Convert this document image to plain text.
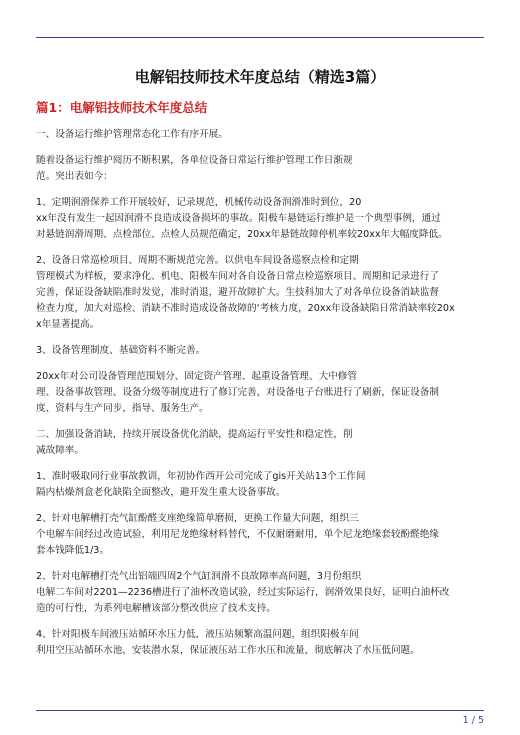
电解铝技师技术年度总结（精选3篇）
篇1：电解铝技师技术年度总结

一、设备运行维护管理常态化工作有序开展。

随着设备运行维护阅历不断积累，各单位设备日常运行维护管理工作日渐规
范。突出表如今：

1、定期润滑保养工作开展较好，记录规范，机械传动设备润滑准时到位，20
xx年没有发生一起因润滑不良造成设备损坏的事故。阳极车悬链运行维护是一个典型事例，通过
对悬链润滑周期、点检部位、点检人员规范确定，20xx年悬链故障停机率较20xx年大幅度降低。

2、设备日常巡检项目、周期不断规范完善。以供电车间设备巡察点检和定期
管理模式为样板，要求净化、机电、阳极车间对各自设备日常点检巡察项目、周期和记录进行了
完善，保证设备缺陷准时发觉，准时消退，避开故障扩大。生技科加大了对各单位设备消缺监督
检查力度，加大对巡检、消缺不准时造成设备故障的‘考核力度，20xx年设备缺陷日常消缺率较20x
x年显著提高。

3、设备管理制度、基础资料不断完善。

20xx年对公司设备管理范围划分、固定资产管理、起重设备管理、大中修管
理、设备事故管理、设备分级等制度进行了修订完善，对设备电子台账进行了刷新，保证设备制
度、资料与生产同步，指导、服务生产。

二、加强设备消缺，持续开展设备优化消缺，提高运行平安性和稳定性，削
减故障率。

1、准时吸取同行业事故教训，年初协作西开公司完成了gis开关站13个工作间
隔内枯燥剂盒老化缺陷全面整改，避开发生重大设备事故。

2、针对电解槽打壳气缸酚醛支座绝缘简单磨损，更换工作量大问题，组织三
个电解车间经过改造试验，利用尼龙绝缘材料替代，不仅耐磨耐用，单个尼龙绝缘套较酚醛绝缘
套本钱降低1/3。

2、针对电解槽打壳气出铝端四周2个气缸润滑不良故障率高问题，3月份组织
电解二车间对2201—2236槽进行了油杯改造试验，经过实际运行，润滑效果良好，证明白油杯改
造的可行性，为系列电解槽该部分整改供应了技术支持。

4、针对阳极车间液压站循环水压力低，液压站频繁高温问题，组织阳极车间
利用空压站循环水池，安装潜水泵，保证液压站工作水压和流量，彻底解决了水压低问题。

1 / 5
